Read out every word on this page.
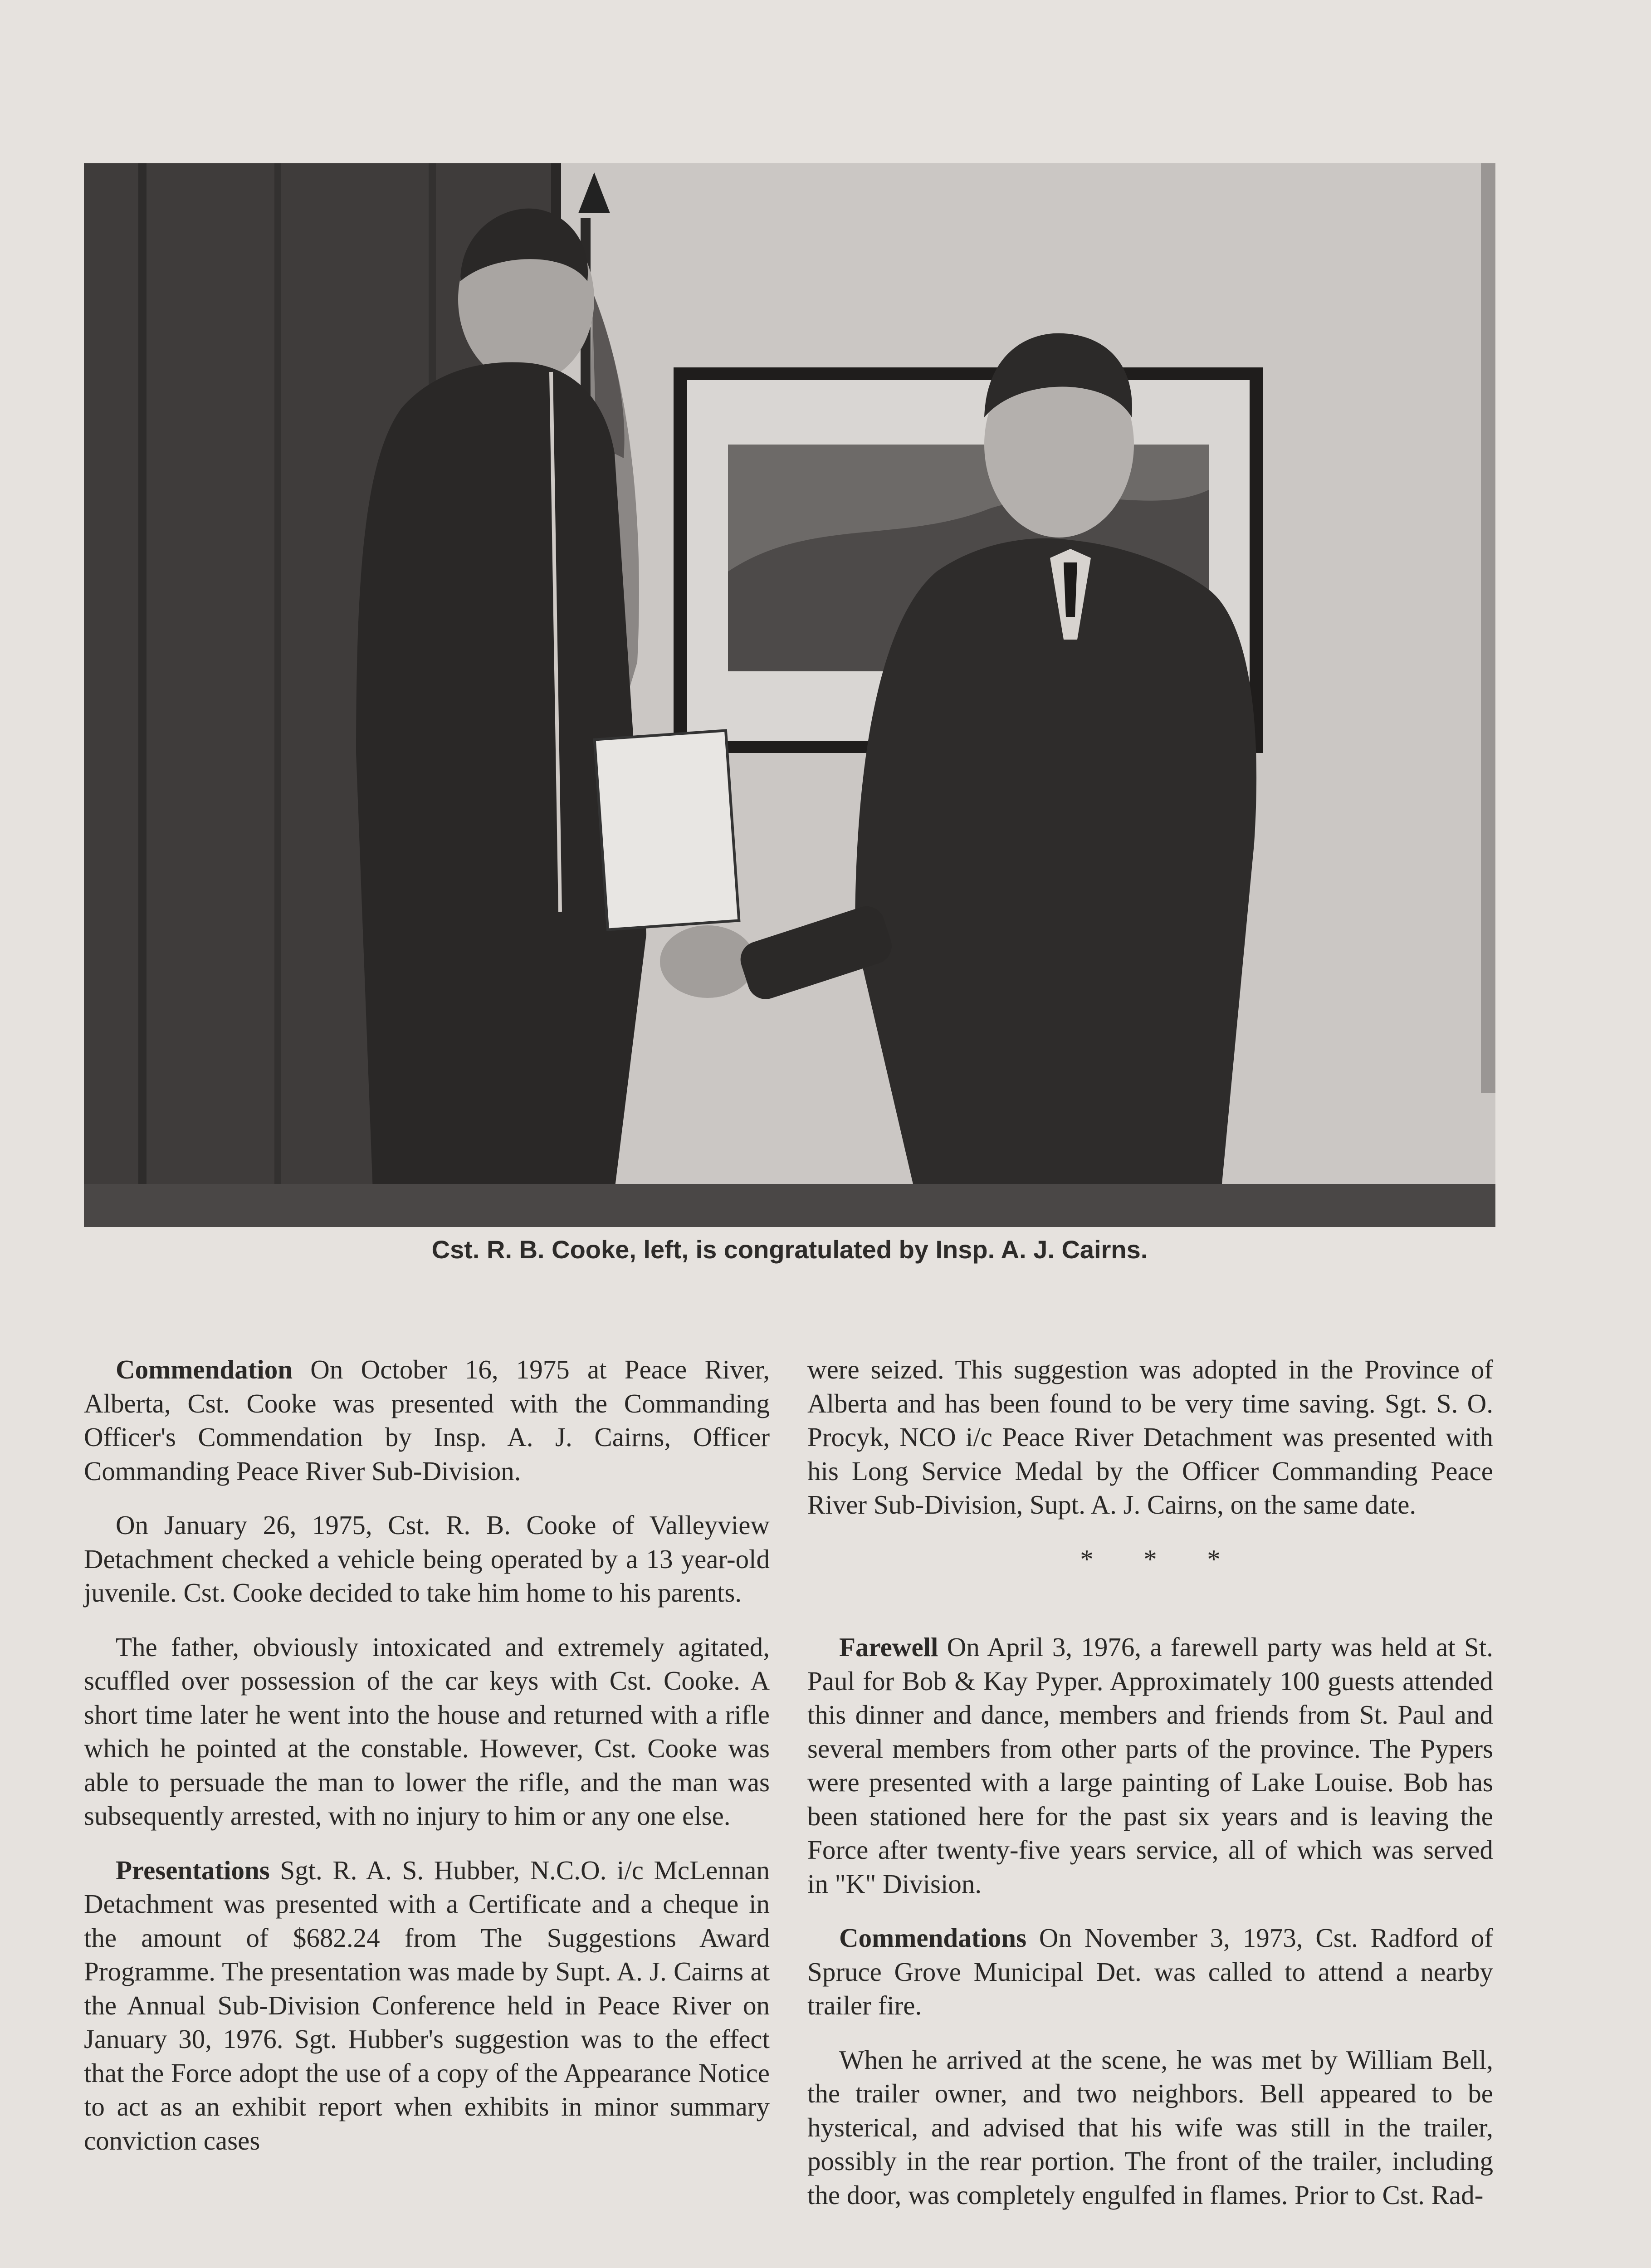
Cst. R. B. Cooke, left, is congratulated by Insp. A. J. Cairns.

Commendation On October 16, 1975 at Peace River, Alberta, Cst. Cooke was presented with the Commanding Officer's Commendation by Insp. A. J. Cairns, Officer Commanding Peace River Sub-Division.

On January 26, 1975, Cst. R. B. Cooke of Valleyview Detachment checked a vehicle being operated by a 13 year-old juvenile. Cst. Cooke decided to take him home to his parents.

The father, obviously intoxicated and extremely agitated, scuffled over possession of the car keys with Cst. Cooke. A short time later he went into the house and returned with a rifle which he pointed at the constable. However, Cst. Cooke was able to persuade the man to lower the rifle, and the man was subsequently arrested, with no injury to him or any one else.

Presentations Sgt. R. A. S. Hubber, N.C.O. i/c McLennan Detachment was presented with a Certificate and a cheque in the amount of $682.24 from The Suggestions Award Programme. The presentation was made by Supt. A. J. Cairns at the Annual Sub-Division Conference held in Peace River on January 30, 1976. Sgt. Hubber's suggestion was to the effect that the Force adopt the use of a copy of the Appearance Notice to act as an exhibit report when exhibits in minor summary conviction cases

were seized. This suggestion was adopted in the Province of Alberta and has been found to be very time saving. Sgt. S. O. Procyk, NCO i/c Peace River Detachment was presented with his Long Service Medal by the Officer Commanding Peace River Sub-Division, Supt. A. J. Cairns, on the same date.

* * *

Farewell On April 3, 1976, a farewell party was held at St. Paul for Bob & Kay Pyper. Approximately 100 guests attended this dinner and dance, members and friends from St. Paul and several members from other parts of the province. The Pypers were presented with a large painting of Lake Louise. Bob has been stationed here for the past six years and is leaving the Force after twenty-five years service, all of which was served in "K" Division.

Commendations On November 3, 1973, Cst. Radford of Spruce Grove Municipal Det. was called to attend a nearby trailer fire.

When he arrived at the scene, he was met by William Bell, the trailer owner, and two neighbors. Bell appeared to be hysterical, and advised that his wife was still in the trailer, possibly in the rear portion. The front of the trailer, including the door, was completely engulfed in flames. Prior to Cst. Rad-
